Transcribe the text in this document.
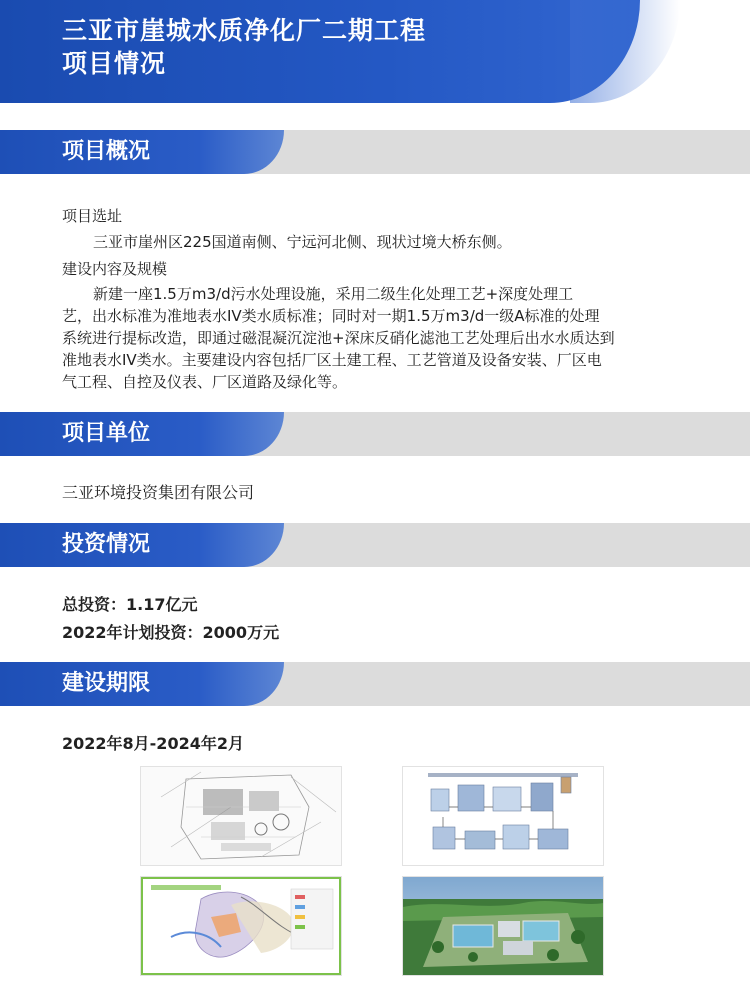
三亚市崖城水质净化厂二期工程
项目情况
项目概况
项目选址
三亚市崖州区225国道南侧、宁远河北侧、现状过境大桥东侧。
建设内容及规模
新建一座1.5万m3/d污水处理设施，采用二级生化处理工艺+深度处理工
艺，出水标准为准地表水IV类水质标准；同时对一期1.5万m3/d一级A标准的处理
系统进行提标改造，即通过磁混凝沉淀池+深床反硝化滤池工艺处理后出水水质达到
准地表水IV类水。主要建设内容包括厂区土建工程、工艺管道及设备安装、厂区电
气工程、自控及仪表、厂区道路及绿化等。
项目单位
三亚环境投资集团有限公司
投资情况
总投资：1.17亿元
2022年计划投资：2000万元
建设期限
2022年8月-2024年2月
